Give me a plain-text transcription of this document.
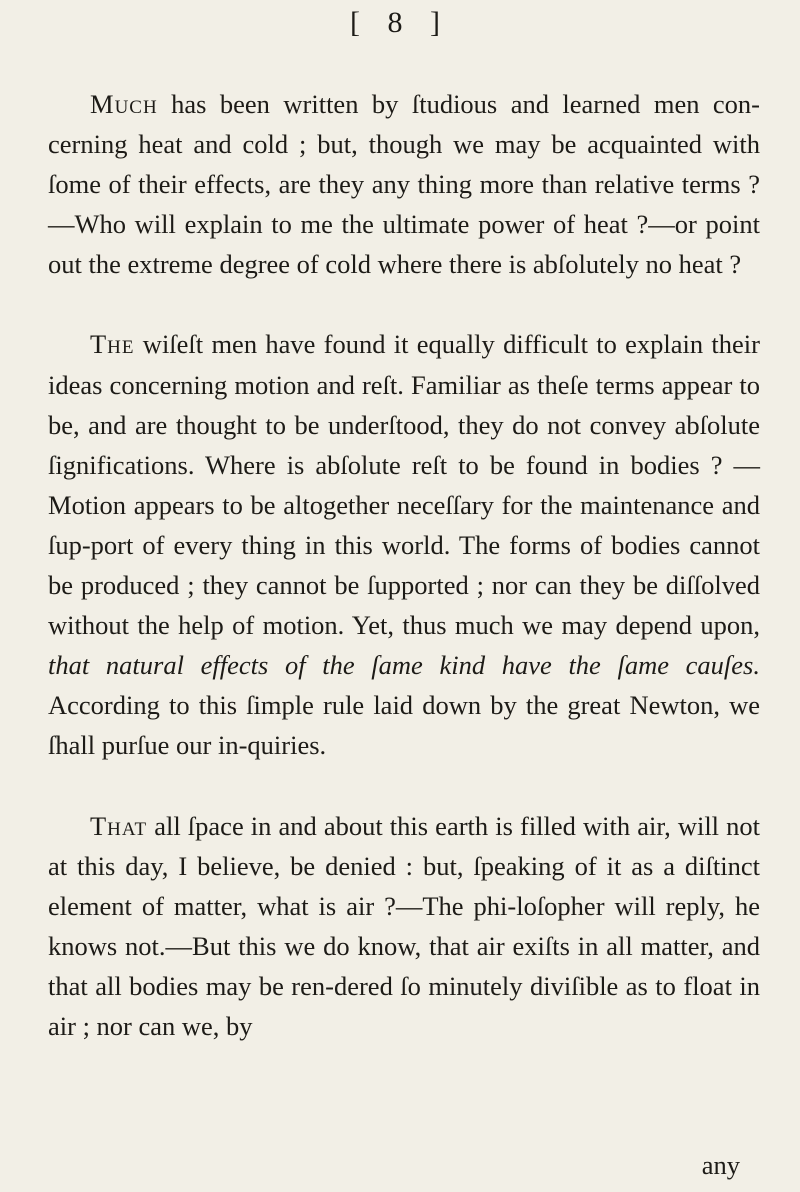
[ 8 ]

Much has been written by ſtudious and learned men con-cerning heat and cold ; but, though we may be acquainted with ſome of their effects, are they any thing more than relative terms ?—Who will explain to me the ultimate power of heat ?—or point out the extreme degree of cold where there is abſolutely no heat ?

The wiſeſt men have found it equally difficult to explain their ideas concerning motion and reſt. Familiar as theſe terms appear to be, and are thought to be underſtood, they do not convey abſolute ſignifications. Where is abſolute reſt to be found in bodies ? — Motion appears to be altogether neceſſary for the maintenance and ſup-port of every thing in this world. The forms of bodies cannot be produced ; they cannot be ſupported ; nor can they be diſſolved without the help of motion. Yet, thus much we may depend upon, that natural effects of the ſame kind have the ſame cauſes. According to this ſimple rule laid down by the great Newton, we ſhall purſue our in-quiries.

That all ſpace in and about this earth is filled with air, will not at this day, I believe, be denied : but, ſpeaking of it as a diſtinct element of matter, what is air ?—The phi-loſopher will reply, he knows not.—But this we do know, that air exiſts in all matter, and that all bodies may be ren-dered ſo minutely diviſible as to float in air ; nor can we, by

any
